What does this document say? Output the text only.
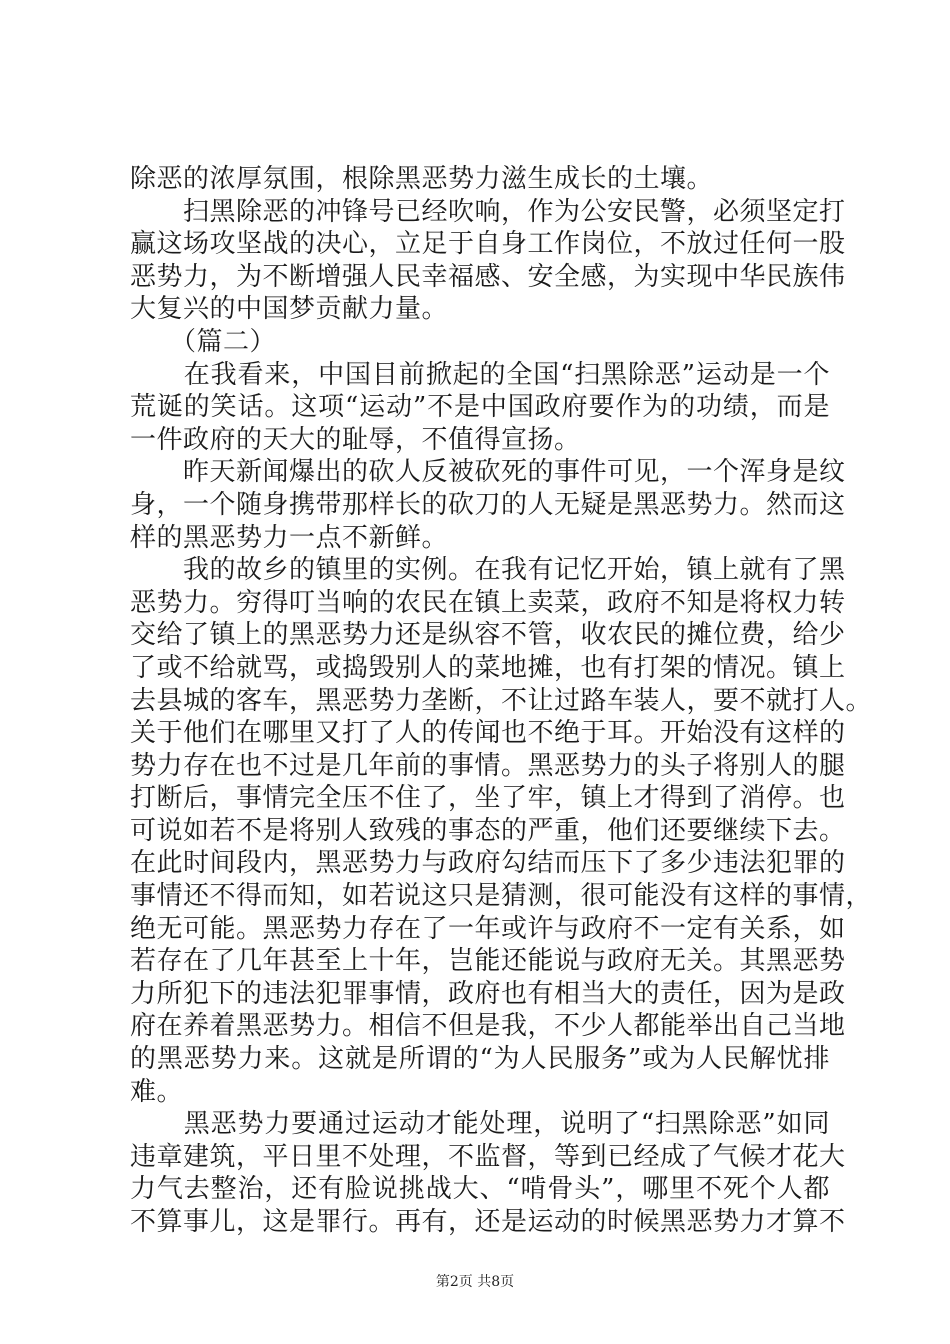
除恶的浓厚氛围，根除黑恶势力滋生成长的土壤。
　　扫黑除恶的冲锋号已经吹响，作为公安民警，必须坚定打
赢这场攻坚战的决心，立足于自身工作岗位，不放过任何一股
恶势力，为不断增强人民幸福感、安全感，为实现中华民族伟
大复兴的中国梦贡献力量。
　　（篇二）
　　在我看来，中国目前掀起的全国“扫黑除恶”运动是一个
荒诞的笑话。这项“运动”不是中国政府要作为的功绩，而是
一件政府的天大的耻辱，不值得宣扬。
　　昨天新闻爆出的砍人反被砍死的事件可见，一个浑身是纹
身，一个随身携带那样长的砍刀的人无疑是黑恶势力。然而这
样的黑恶势力一点不新鲜。
　　我的故乡的镇里的实例。在我有记忆开始，镇上就有了黑
恶势力。穷得叮当响的农民在镇上卖菜，政府不知是将权力转
交给了镇上的黑恶势力还是纵容不管，收农民的摊位费，给少
了或不给就骂，或捣毁别人的菜地摊，也有打架的情况。镇上
去县城的客车，黑恶势力垄断，不让过路车装人，要不就打人。
关于他们在哪里又打了人的传闻也不绝于耳。开始没有这样的
势力存在也不过是几年前的事情。黑恶势力的头子将别人的腿
打断后，事情完全压不住了，坐了牢，镇上才得到了消停。也
可说如若不是将别人致残的事态的严重，他们还要继续下去。
在此时间段内，黑恶势力与政府勾结而压下了多少违法犯罪的
事情还不得而知，如若说这只是猜测，很可能没有这样的事情，
绝无可能。黑恶势力存在了一年或许与政府不一定有关系，如
若存在了几年甚至上十年，岂能还能说与政府无关。其黑恶势
力所犯下的违法犯罪事情，政府也有相当大的责任，因为是政
府在养着黑恶势力。相信不但是我，不少人都能举出自己当地
的黑恶势力来。这就是所谓的“为人民服务”或为人民解忧排
难。
　　黑恶势力要通过运动才能处理，说明了“扫黑除恶”如同
违章建筑，平日里不处理，不监督，等到已经成了气候才花大
力气去整治，还有脸说挑战大、“啃骨头”，哪里不死个人都
不算事儿，这是罪行。再有，还是运动的时候黑恶势力才算不
第2页 共8页
